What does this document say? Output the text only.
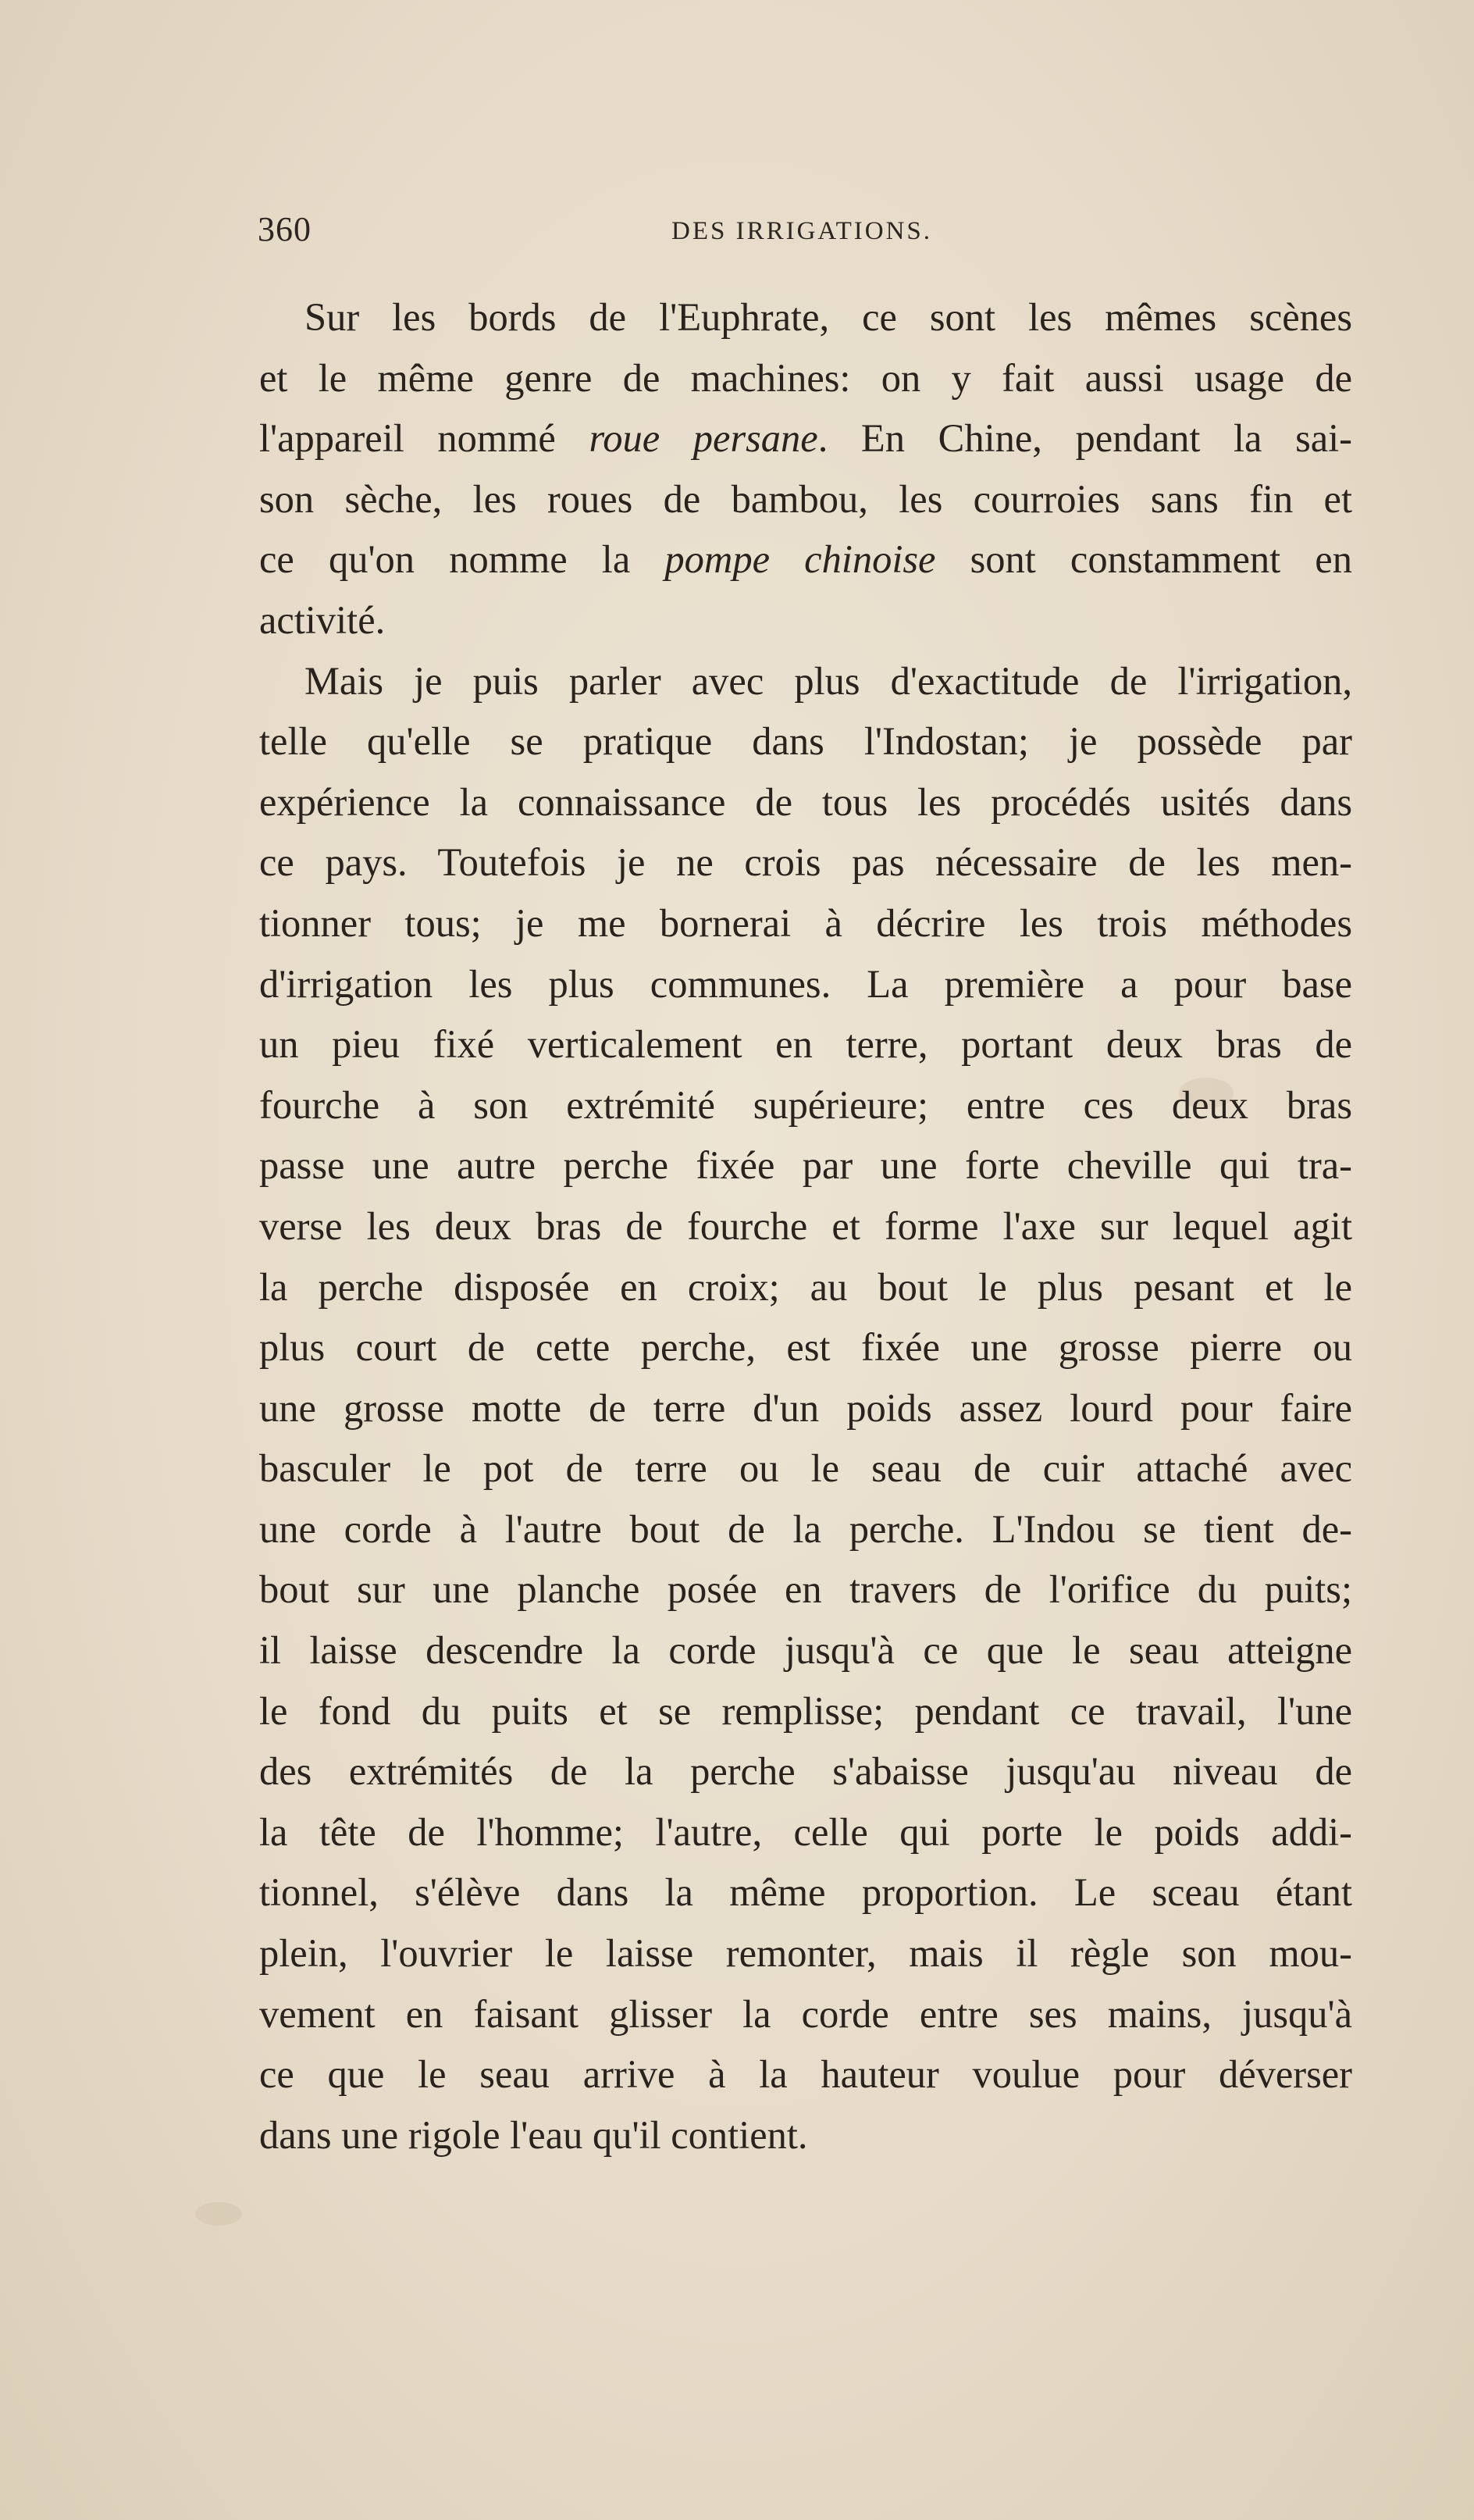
360	DES IRRIGATIONS.
Sur les bords de l'Euphrate, ce sont les mêmes scènes
et le même genre de machines: on y fait aussi usage de
l'appareil nommé roue persane. En Chine, pendant la sai-
son sèche, les roues de bambou, les courroies sans fin et
ce qu'on nomme la pompe chinoise sont constamment en
activité.
Mais je puis parler avec plus d'exactitude de l'irrigation,
telle qu'elle se pratique dans l'Indostan; je possède par
expérience la connaissance de tous les procédés usités dans
ce pays. Toutefois je ne crois pas nécessaire de les men-
tionner tous; je me bornerai à décrire les trois méthodes
d'irrigation les plus communes. La première a pour base
un pieu fixé verticalement en terre, portant deux bras de
fourche à son extrémité supérieure; entre ces deux bras
passe une autre perche fixée par une forte cheville qui tra-
verse les deux bras de fourche et forme l'axe sur lequel agit
la perche disposée en croix; au bout le plus pesant et le
plus court de cette perche, est fixée une grosse pierre ou
une grosse motte de terre d'un poids assez lourd pour faire
basculer le pot de terre ou le seau de cuir attaché avec
une corde à l'autre bout de la perche. L'Indou se tient de-
bout sur une planche posée en travers de l'orifice du puits;
il laisse descendre la corde jusqu'à ce que le seau atteigne
le fond du puits et se remplisse; pendant ce travail, l'une
des extrémités de la perche s'abaisse jusqu'au niveau de
la tête de l'homme; l'autre, celle qui porte le poids addi-
tionnel, s'élève dans la même proportion. Le sceau étant
plein, l'ouvrier le laisse remonter, mais il règle son mou-
vement en faisant glisser la corde entre ses mains, jusqu'à
ce que le seau arrive à la hauteur voulue pour déverser
dans une rigole l'eau qu'il contient.
